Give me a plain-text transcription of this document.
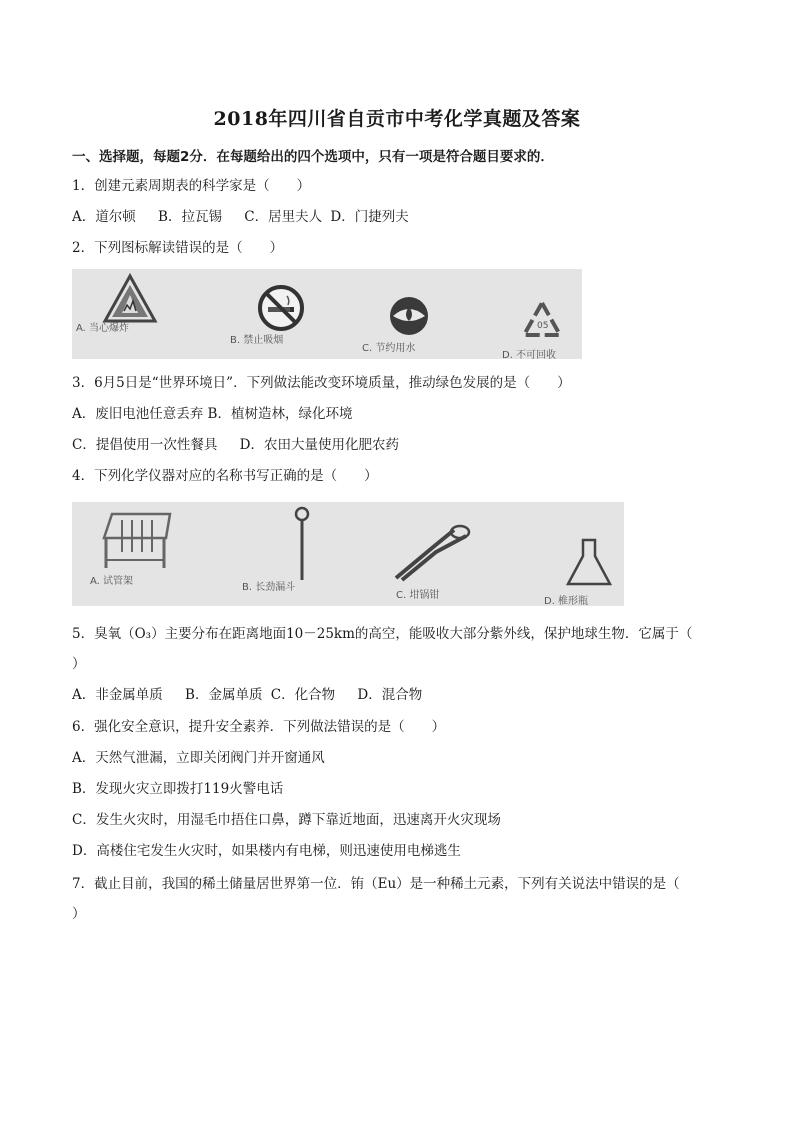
2018年四川省自贡市中考化学真题及答案
一、选择题，每题2分．在每题给出的四个选项中，只有一项是符合题目要求的．
1．创建元素周期表的科学家是（　　）
A．道尔顿 B．拉瓦锡 C．居里夫人 D．门捷列夫
2．下列图标解读错误的是（　　）
A. 当心爆炸
B. 禁止吸烟
C. 节约用水
05
D. 不可回收
3．6月5日是“世界环境日”．下列做法能改变环境质量，推动绿色发展的是（　　）
A．废旧电池任意丢弃 B．植树造林，绿化环境
C．提倡使用一次性餐具 D．农田大量使用化肥农药
4．下列化学仪器对应的名称书写正确的是（　　）
A. 试管架
B. 长劲漏斗
C. 坩锅钳
D. 椎形瓶
5．臭氧（O₃）主要分布在距离地面10－25km的高空，能吸收大部分紫外线，保护地球生物．它属于（
）
A．非金属单质 B．金属单质 C．化合物 D．混合物
6．强化安全意识，提升安全素养．下列做法错误的是（　　）
A．天然气泄漏，立即关闭阀门并开窗通风
B．发现火灾立即拨打119火警电话
C．发生火灾时，用湿毛巾捂住口鼻，蹲下靠近地面，迅速离开火灾现场
D．高楼住宅发生火灾时，如果楼内有电梯，则迅速使用电梯逃生
7．截止目前，我国的稀土储量居世界第一位．铕（Eu）是一种稀土元素，下列有关说法中错误的是（
）
